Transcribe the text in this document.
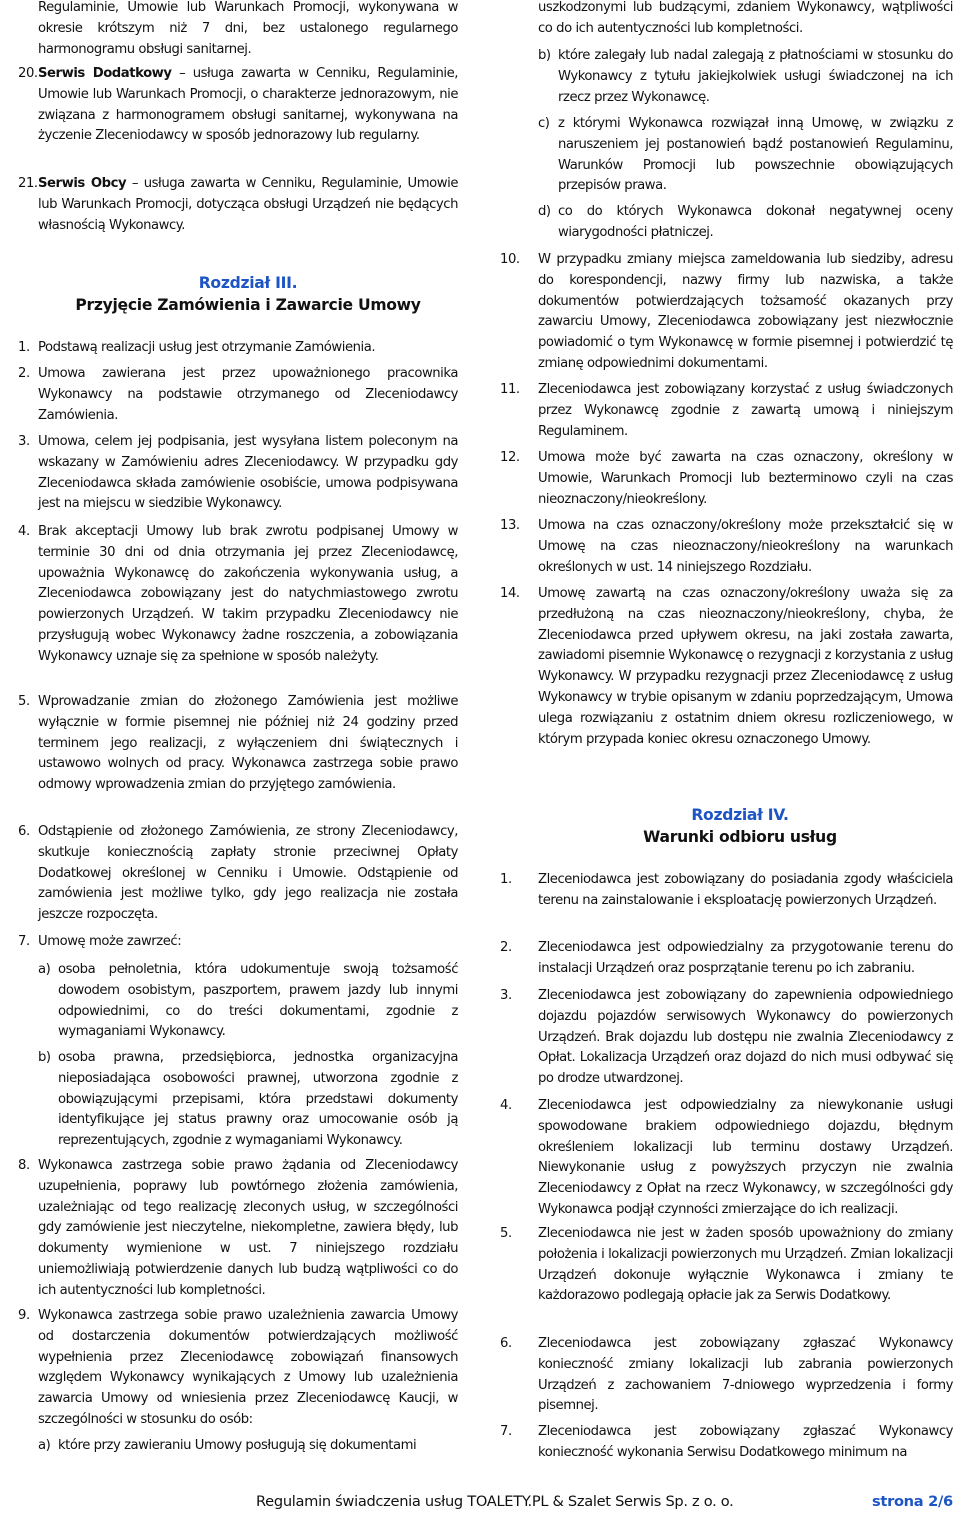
Regulaminie, Umowie lub Warunkach Promocji, wykonywana w okresie krótszym niż 7 dni, bez ustalonego regularnego harmonogramu obsługi sanitarnej.
20. Serwis Dodatkowy – usługa zawarta w Cenniku, Regulaminie, Umowie lub Warunkach Promocji, o charakterze jednorazowym, nie związana z harmonogramem obsługi sanitarnej, wykonywana na życzenie Zleceniodawcy w sposób jednorazowy lub regularny.
21. Serwis Obcy – usługa zawarta w Cenniku, Regulaminie, Umowie lub Warunkach Promocji, dotycząca obsługi Urządzeń nie będących własnością Wykonawcy.
Rozdział III.
Przyjęcie Zamówienia i Zawarcie Umowy
1. Podstawą realizacji usług jest otrzymanie Zamówienia.
2. Umowa zawierana jest przez upoważnionego pracownika Wykonawcy na podstawie otrzymanego od Zleceniodawcy Zamówienia.
3. Umowa, celem jej podpisania, jest wysyłana listem poleconym na wskazany w Zamówieniu adres Zleceniodawcy. W przypadku gdy Zleceniodawca składa zamówienie osobiście, umowa podpisywana jest na miejscu w siedzibie Wykonawcy.
4. Brak akceptacji Umowy lub brak zwrotu podpisanej Umowy w terminie 30 dni od dnia otrzymania jej przez Zleceniodawcę, upoważnia Wykonawcę do zakończenia wykonywania usług, a Zleceniodawca zobowiązany jest do natychmiastowego zwrotu powierzonych Urządzeń. W takim przypadku Zleceniodawcy nie przysługują wobec Wykonawcy żadne roszczenia, a zobowiązania Wykonawcy uznaje się za spełnione w sposób należyty.
5. Wprowadzanie zmian do złożonego Zamówienia jest możliwe wyłącznie w formie pisemnej nie później niż 24 godziny przed terminem jego realizacji, z wyłączeniem dni świątecznych i ustawowo wolnych od pracy. Wykonawca zastrzega sobie prawo odmowy wprowadzenia zmian do przyjętego zamówienia.
6. Odstąpienie od złożonego Zamówienia, ze strony Zleceniodawcy, skutkuje koniecznością zapłaty stronie przeciwnej Opłaty Dodatkowej określonej w Cenniku i Umowie. Odstąpienie od zamówienia jest możliwe tylko, gdy jego realizacja nie została jeszcze rozpoczęta.
7. Umowę może zawrzeć:
a) osoba pełnoletnia, która udokumentuje swoją tożsamość dowodem osobistym, paszportem, prawem jazdy lub innymi odpowiednimi, co do treści dokumentami, zgodnie z wymaganiami Wykonawcy.
b) osoba prawna, przedsiębiorca, jednostka organizacyjna nieposiadająca osobowości prawnej, utworzona zgodnie z obowiązującymi przepisami, która przedstawi dokumenty identyfikujące jej status prawny oraz umocowanie osób ją reprezentujących, zgodnie z wymaganiami Wykonawcy.
8. Wykonawca zastrzega sobie prawo żądania od Zleceniodawcy uzupełnienia, poprawy lub powtórnego złożenia zamówienia, uzależniając od tego realizację zleconych usług, w szczególności gdy zamówienie jest nieczytelne, niekompletne, zawiera błędy, lub dokumenty wymienione w ust. 7 niniejszego rozdziału uniemożliwiają potwierdzenie danych lub budzą wątpliwości co do ich autentyczności lub kompletności.
9. Wykonawca zastrzega sobie prawo uzależnienia zawarcia Umowy od dostarczenia dokumentów potwierdzających możliwość wypełnienia przez Zleceniodawcę zobowiązań finansowych względem Wykonawcy wynikających z Umowy lub uzależnienia zawarcia Umowy od wniesienia przez Zleceniodawcę Kaucji, w szczególności w stosunku do osób:
a) które przy zawieraniu Umowy posługują się dokumentami
uszkodzonymi lub budzącymi, zdaniem Wykonawcy, wątpliwości co do ich autentyczności lub kompletności.
b) które zalegały lub nadal zalegają z płatnościami w stosunku do Wykonawcy z tytułu jakiejkolwiek usługi świadczonej na ich rzecz przez Wykonawcę.
c) z którymi Wykonawca rozwiązał inną Umowę, w związku z naruszeniem jej postanowień bądź postanowień Regulaminu, Warunków Promocji lub powszechnie obowiązujących przepisów prawa.
d) co do których Wykonawca dokonał negatywnej oceny wiarygodności płatniczej.
10.	W przypadku zmiany miejsca zameldowania lub siedziby, adresu do korespondencji, nazwy firmy lub nazwiska, a także dokumentów potwierdzających tożsamość okazanych przy zawarciu Umowy, Zleceniodawca zobowiązany jest niezwłocznie powiadomić o tym Wykonawcę w formie pisemnej i potwierdzić tę zmianę odpowiednimi dokumentami.
11.	Zleceniodawca jest zobowiązany korzystać z usług świadczonych przez Wykonawcę zgodnie z zawartą umową i niniejszym Regulaminem.
12.	Umowa może być zawarta na czas oznaczony, określony w Umowie, Warunkach Promocji lub bezterminowo czyli na czas nieoznaczony/nieokreślony.
13.	Umowa na czas oznaczony/określony może przekształcić się w Umowę na czas nieoznaczony/nieokreślony na warunkach określonych w ust. 14 niniejszego Rozdziału.
14.	Umowę zawartą na czas oznaczony/określony uważa się za przedłużoną na czas nieoznaczony/nieokreślony, chyba, że Zleceniodawca przed upływem okresu, na jaki została zawarta, zawiadomi pisemnie Wykonawcę o rezygnacji z korzystania z usług Wykonawcy. W przypadku rezygnacji przez Zleceniodawcę z usług Wykonawcy w trybie opisanym w zdaniu poprzedzającym, Umowa ulega rozwiązaniu z ostatnim dniem okresu rozliczeniowego, w którym przypada koniec okresu oznaczonego Umowy.
Rozdział IV.
Warunki odbioru usług
1.	Zleceniodawca jest zobowiązany do posiadania zgody właściciela terenu na zainstalowanie i eksploatację powierzonych Urządzeń.
2.	Zleceniodawca jest odpowiedzialny za przygotowanie terenu do instalacji Urządzeń oraz posprzątanie terenu po ich zabraniu.
3.	Zleceniodawca jest zobowiązany do zapewnienia odpowiedniego dojazdu pojazdów serwisowych Wykonawcy do powierzonych Urządzeń. Brak dojazdu lub dostępu nie zwalnia Zleceniodawcy z Opłat. Lokalizacja Urządzeń oraz dojazd do nich musi odbywać się po drodze utwardzonej.
4.	Zleceniodawca jest odpowiedzialny za niewykonanie usługi spowodowane brakiem odpowiedniego dojazdu, błędnym określeniem lokalizacji lub terminu dostawy Urządzeń. Niewykonanie usług z powyższych przyczyn nie zwalnia Zleceniodawcy z Opłat na rzecz Wykonawcy, w szczególności gdy Wykonawca podjął czynności zmierzające do ich realizacji.
5.	Zleceniodawca nie jest w żaden sposób upoważniony do zmiany położenia i lokalizacji powierzonych mu Urządzeń. Zmian lokalizacji Urządzeń dokonuje wyłącznie Wykonawca i zmiany te każdorazowo podlegają opłacie jak za Serwis Dodatkowy.
6.	Zleceniodawca jest zobowiązany zgłaszać Wykonawcy konieczność zmiany lokalizacji lub zabrania powierzonych Urządzeń z zachowaniem 7-dniowego wyprzedzenia i formy pisemnej.
7.	Zleceniodawca jest zobowiązany zgłaszać Wykonawcy konieczność wykonania Serwisu Dodatkowego minimum na
Regulamin świadczenia usług TOALETY.PL & Szalet Serwis Sp. z o. o.	strona 2/6
